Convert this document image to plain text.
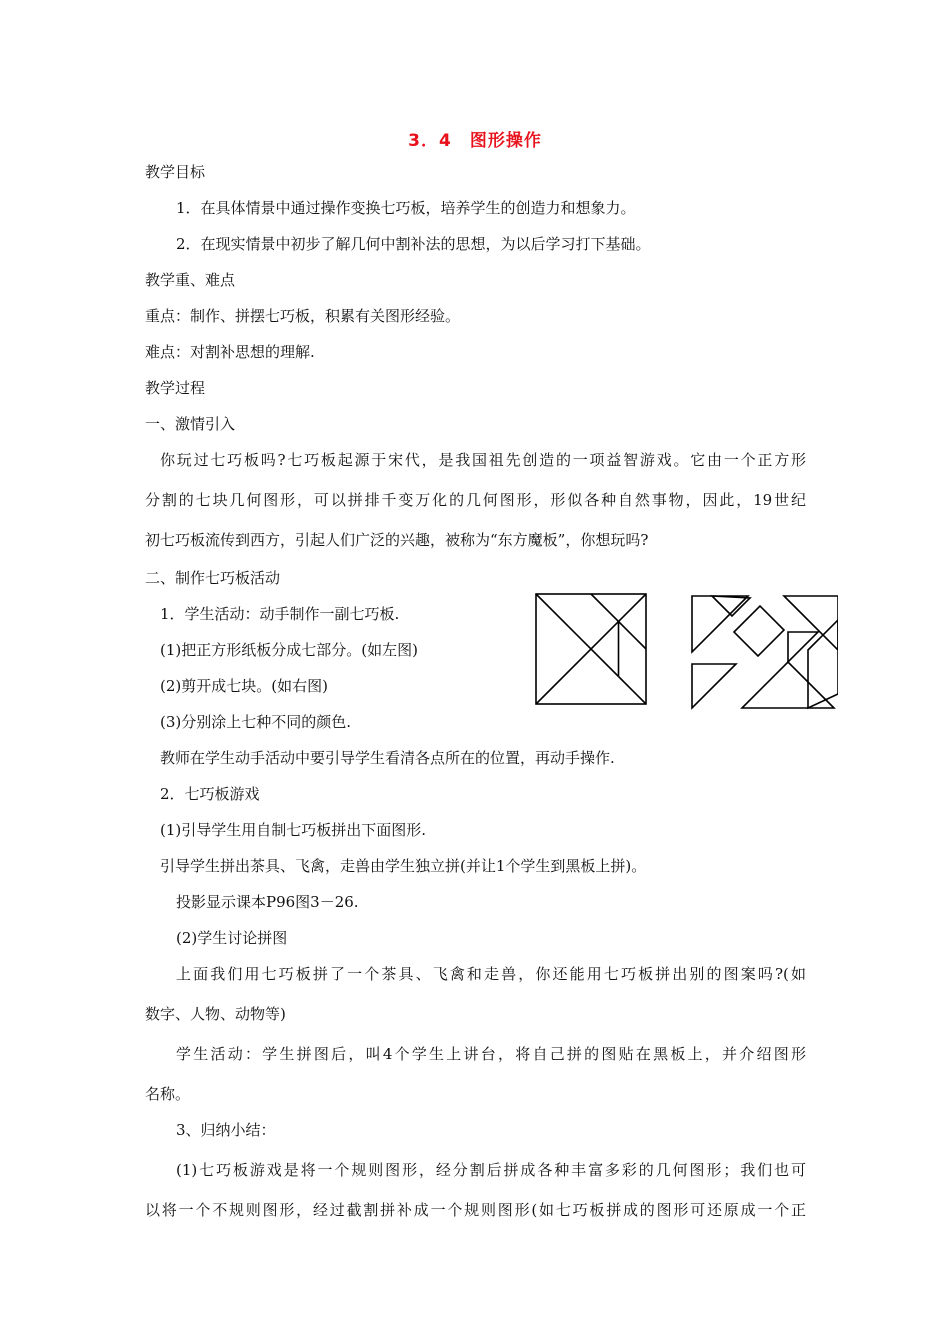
3．4　图形操作
教学目标
1．在具体情景中通过操作变换七巧板，培养学生的创造力和想象力。
2．在现实情景中初步了解几何中割补法的思想，为以后学习打下基础。
教学重、难点
重点：制作、拼摆七巧板，积累有关图形经验。
难点：对割补思想的理解.
教学过程
一、激情引入
你玩过七巧板吗?七巧板起源于宋代，是我国祖先创造的一项益智游戏。它由一个正方形
分割的七块几何图形，可以拼排千变万化的几何图形，形似各种自然事物，因此，19世纪
初七巧板流传到西方，引起人们广泛的兴趣，被称为“东方魔板”，你想玩吗?
二、制作七巧板活动
1．学生活动：动手制作一副七巧板.
(1)把正方形纸板分成七部分。(如左图)
(2)剪开成七块。(如右图)
(3)分别涂上七种不同的颜色.
教师在学生动手活动中要引导学生看清各点所在的位置，再动手操作.
2．七巧板游戏
(1)引导学生用自制七巧板拼出下面图形.
引导学生拼出茶具、飞禽，走兽由学生独立拼(并让1个学生到黑板上拼)。
投影显示课本P96图3－26.
(2)学生讨论拼图
上面我们用七巧板拼了一个茶具、飞禽和走兽，你还能用七巧板拼出别的图案吗?(如
数字、人物、动物等)
学生活动：学生拼图后，叫4个学生上讲台，将自己拼的图贴在黑板上，并介绍图形
名称。
3、归纳小结：
(1)七巧板游戏是将一个规则图形，经分割后拼成各种丰富多彩的几何图形；我们也可
以将一个不规则图形，经过截割拼补成一个规则图形(如七巧板拼成的图形可还原成一个正
